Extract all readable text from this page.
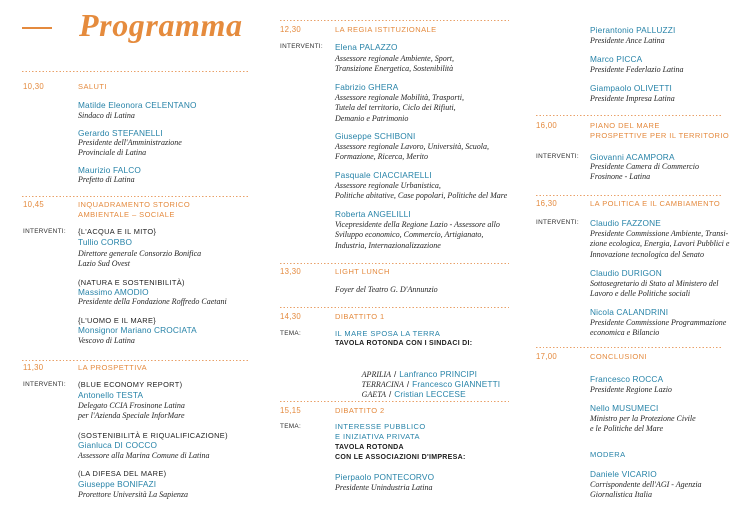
Programma
10,30	SALUTI
Matilde Eleonora CELENTANO
Sindaco di Latina
Gerardo STEFANELLI
Presidente dell'Amministrazione
Provinciale di Latina
Maurizio FALCO
Prefetto di Latina
10,45	INQUADRAMENTO STORICO
AMBIENTALE – SOCIALE
INTERVENTI: {L'ACQUA E IL MITO}
Tullio CORBO
Direttore generale Consorzio Bonifica
Lazio Sud Ovest
(NATURA E SOSTENIBILITÀ)
Massimo AMODIO
Presidente della Fondazione Roffredo Caetani
{L'UOMO E IL MARE}
Monsignor Mariano CROCIATA
Vescovo di Latina
11,30	LA PROSPETTIVA
INTERVENTI: (BLUE ECONOMY REPORT)
Antonello TESTA
Delegato CCIA Frosinone Latina
per l'Azienda Speciale InforMare
(SOSTENIBILITÀ E RIQUALIFICAZIONE)
Gianluca DI COCCO
Assessore alla Marina Comune di Latina
(LA DIFESA DEL MARE)
Giuseppe BONIFAZI
Prorettore Università La Sapienza
12,30	LA REGIA ISTITUZIONALE
INTERVENTI: Elena PALAZZO
Assessore regionale Ambiente, Sport,
Transizione Energetica, Sostenibilità
Fabrizio GHERA
Assessore regionale Mobilità, Trasporti,
Tutela del territorio, Ciclo dei Rifiuti,
Demanio e Patrimonio
Giuseppe SCHIBONI
Assessore regionale Lavoro, Università, Scuola,
Formazione, Ricerca, Merito
Pasquale CIACCIARELLI
Assessore regionale Urbanistica,
Politiche abitative, Case popolari, Politiche del Mare
Roberta ANGELILLI
Vicepresidente della Regione Lazio - Assessore allo
Sviluppo economico, Commercio, Artigianato,
Industria, Internazionalizzazione
13,30	LIGHT LUNCH
Foyer del Teatro G. D'Annunzio
14,30	DIBATTITO 1
TEMA:	IL MARE SPOSA LA TERRA
TAVOLA ROTONDA CON I SINDACI DI:

APRILIA / Lanfranco PRINCIPI

TERRACINA / Francesco GIANNETTI

GAETA / Cristian LECCESE

15,15	DIBATTITO 2
TEMA:	INTERESSE PUBBLICO
E INIZIATIVA PRIVATA
TAVOLA ROTONDA
CON LE ASSOCIAZIONI D'IMPRESA:
Pierpaolo PONTECORVO
Presidente Unindustria Latina
Pierantonio PALLUZZI
Presidente Ance Latina
Marco PICCA
Presidente Federlazio Latina
Giampaolo OLIVETTI
Presidente Impresa Latina
16,00	PIANO DEL MARE
PROSPETTIVE PER IL TERRITORIO
INTERVENTI: Giovanni ACAMPORA
Presidente Camera di Commercio
Frosinone - Latina
16,30	LA POLITICA E IL CAMBIAMENTO
INTERVENTI: Claudio FAZZONE
Presidente Commissione Ambiente, Transi-
zione ecologica, Energia, Lavori Pubblici e
Innovazione tecnologica del Senato
Claudio DURIGON
Sottosegretario di Stato al Ministero del
Lavoro e delle Politiche sociali
Nicola CALANDRINI
Presidente Commissione Programmazione
economica e Bilancio
17,00	CONCLUSIONI
Francesco ROCCA
Presidente Regione Lazio
Nello MUSUMECI
Ministro per la Protezione Civile
e le Politiche del Mare
MODERA
Daniele VICARIO
Corrispondente dell'AGI - Agenzia
Giornalistica Italia
